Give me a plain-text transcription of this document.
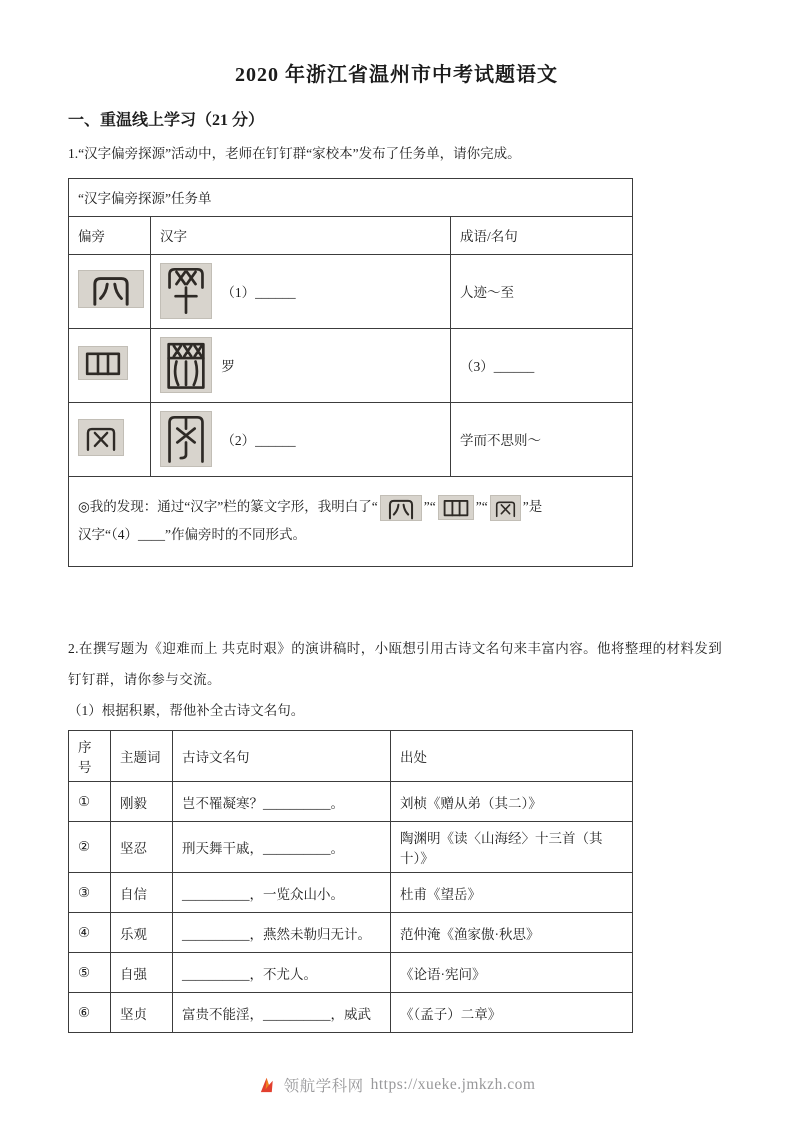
2020 年浙江省温州市中考试题语文
一、重温线上学习（21 分）
1.“汉字偏旁探源”活动中，老师在钉钉群“家校本”发布了任务单，请你完成。
“汉字偏旁探源”任务单		
偏旁	汉字	成语/名句
	（1）______	人迹～至
	罗	（3）______
	（2）______	学而不思则～
◎我的发现：通过“汉字”栏的篆文字形，我明白了“ ”“ ”“ ”是
汉字“（4）____”作偏旁时的不同形式。		
2.在撰写题为《迎难而上 共克时艰》的演讲稿时，小瓯想引用古诗文名句来丰富内容。他将整理的材料发到钉钉群，请你参与交流。
（1）根据积累，帮他补全古诗文名句。
序号	主题词	古诗文名句	出处
①	刚毅	岂不罹凝寒？__________。	刘桢《赠从弟（其二）》
②	坚忍	刑天舞干戚，__________。	陶渊明《读〈山海经〉十三首（其十）》
③	自信	__________，一览众山小。	杜甫《望岳》
④	乐观	__________，燕然未勒归无计。	范仲淹《渔家傲·秋思》
⑤	自强	__________，不尤人。	《论语·宪问》
⑥	坚贞	富贵不能淫，__________，威武	《（孟子）二章》
领航学科网 https://xueke.jmkzh.com
